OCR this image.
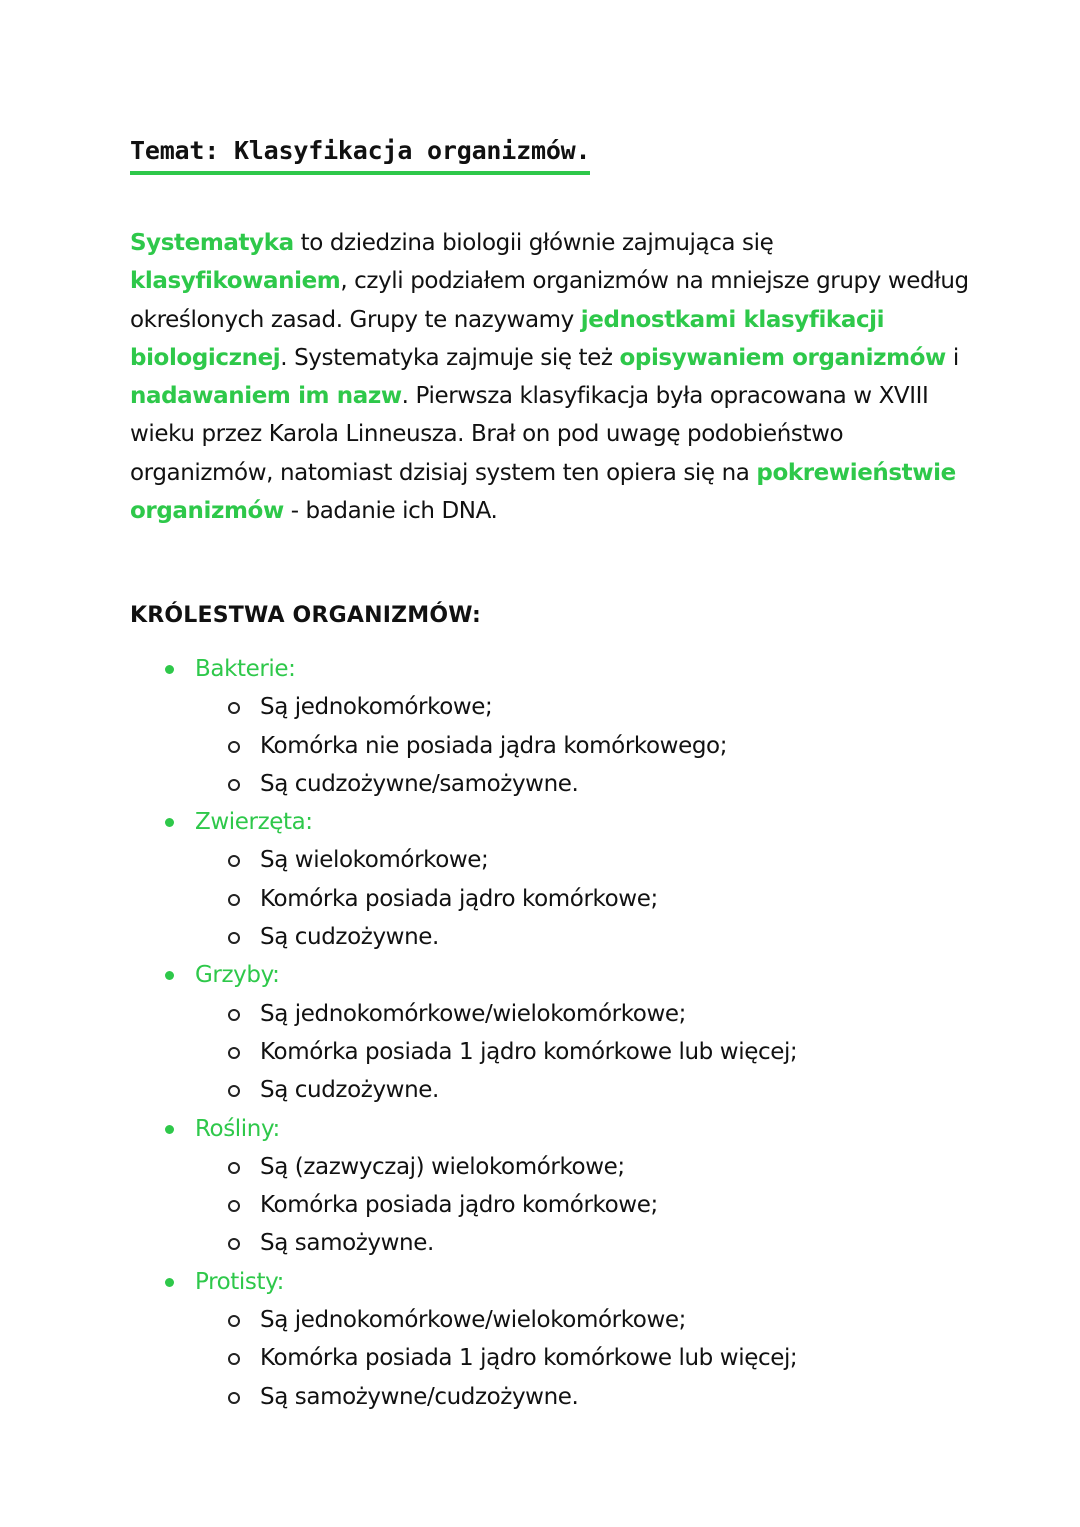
Temat: Klasyfikacja organizmów.

Systematyka to dziedzina biologii głównie zajmująca się klasyfikowaniem, czyli podziałem organizmów na mniejsze grupy według określonych zasad. Grupy te nazywamy jednostkami klasyfikacji biologicznej. Systematyka zajmuje się też opisywaniem organizmów i nadawaniem im nazw. Pierwsza klasyfikacja była opracowana w XVIII wieku przez Karola Linneusza. Brał on pod uwagę podobieństwo organizmów, natomiast dzisiaj system ten opiera się na pokrewieństwie organizmów - badanie ich DNA.

KRÓLESTWA ORGANIZMÓW:
Bakterie:
Są jednokomórkowe;
Komórka nie posiada jądra komórkowego;
Są cudzożywne/samożywne.
Zwierzęta:
Są wielokomórkowe;
Komórka posiada jądro komórkowe;
Są cudzożywne.
Grzyby:
Są jednokomórkowe/wielokomórkowe;
Komórka posiada 1 jądro komórkowe lub więcej;
Są cudzożywne.
Rośliny:
Są (zazwyczaj) wielokomórkowe;
Komórka posiada jądro komórkowe;
Są samożywne.
Protisty:
Są jednokomórkowe/wielokomórkowe;
Komórka posiada 1 jądro komórkowe lub więcej;
Są samożywne/cudzożywne.
